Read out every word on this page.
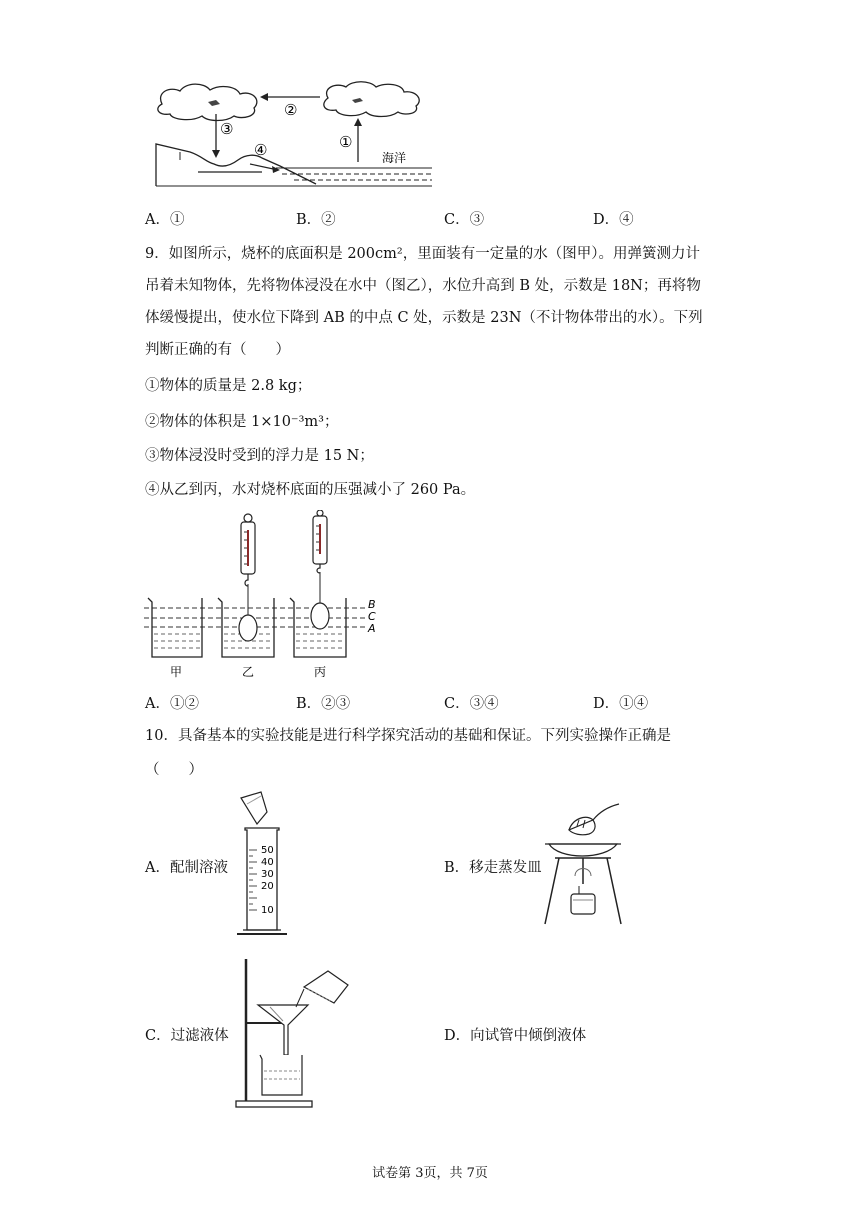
②
③
①
④	海洋
A．①	B．②	C．③	D．④
9．如图所示，烧杯的底面积是 200cm²，里面装有一定量的水（图甲）。用弹簧测力计
吊着未知物体，先将物体浸没在水中（图乙），水位升高到 B 处，示数是 18N；再将物
体缓慢提出，使水位下降到 AB 的中点 C 处，示数是 23N（不计物体带出的水）。下列
判断正确的有（　　）
①物体的质量是 2.8 kg；
②物体的体积是 1×10⁻³m³；
③物体浸没时受到的浮力是 15 N；
④从乙到丙，水对烧杯底面的压强减小了 260 Pa。
B
C
A
甲	乙	丙
A．①②	B．②③	C．③④	D．①④
10．具备基本的实验技能是进行科学探究活动的基础和保证。下列实验操作正确是
（　　）
50
40
30
20
10
A．配制溶液	B．移走蒸发皿
C．过滤液体	D．向试管中倾倒液体
试卷第 3页，共 7页
